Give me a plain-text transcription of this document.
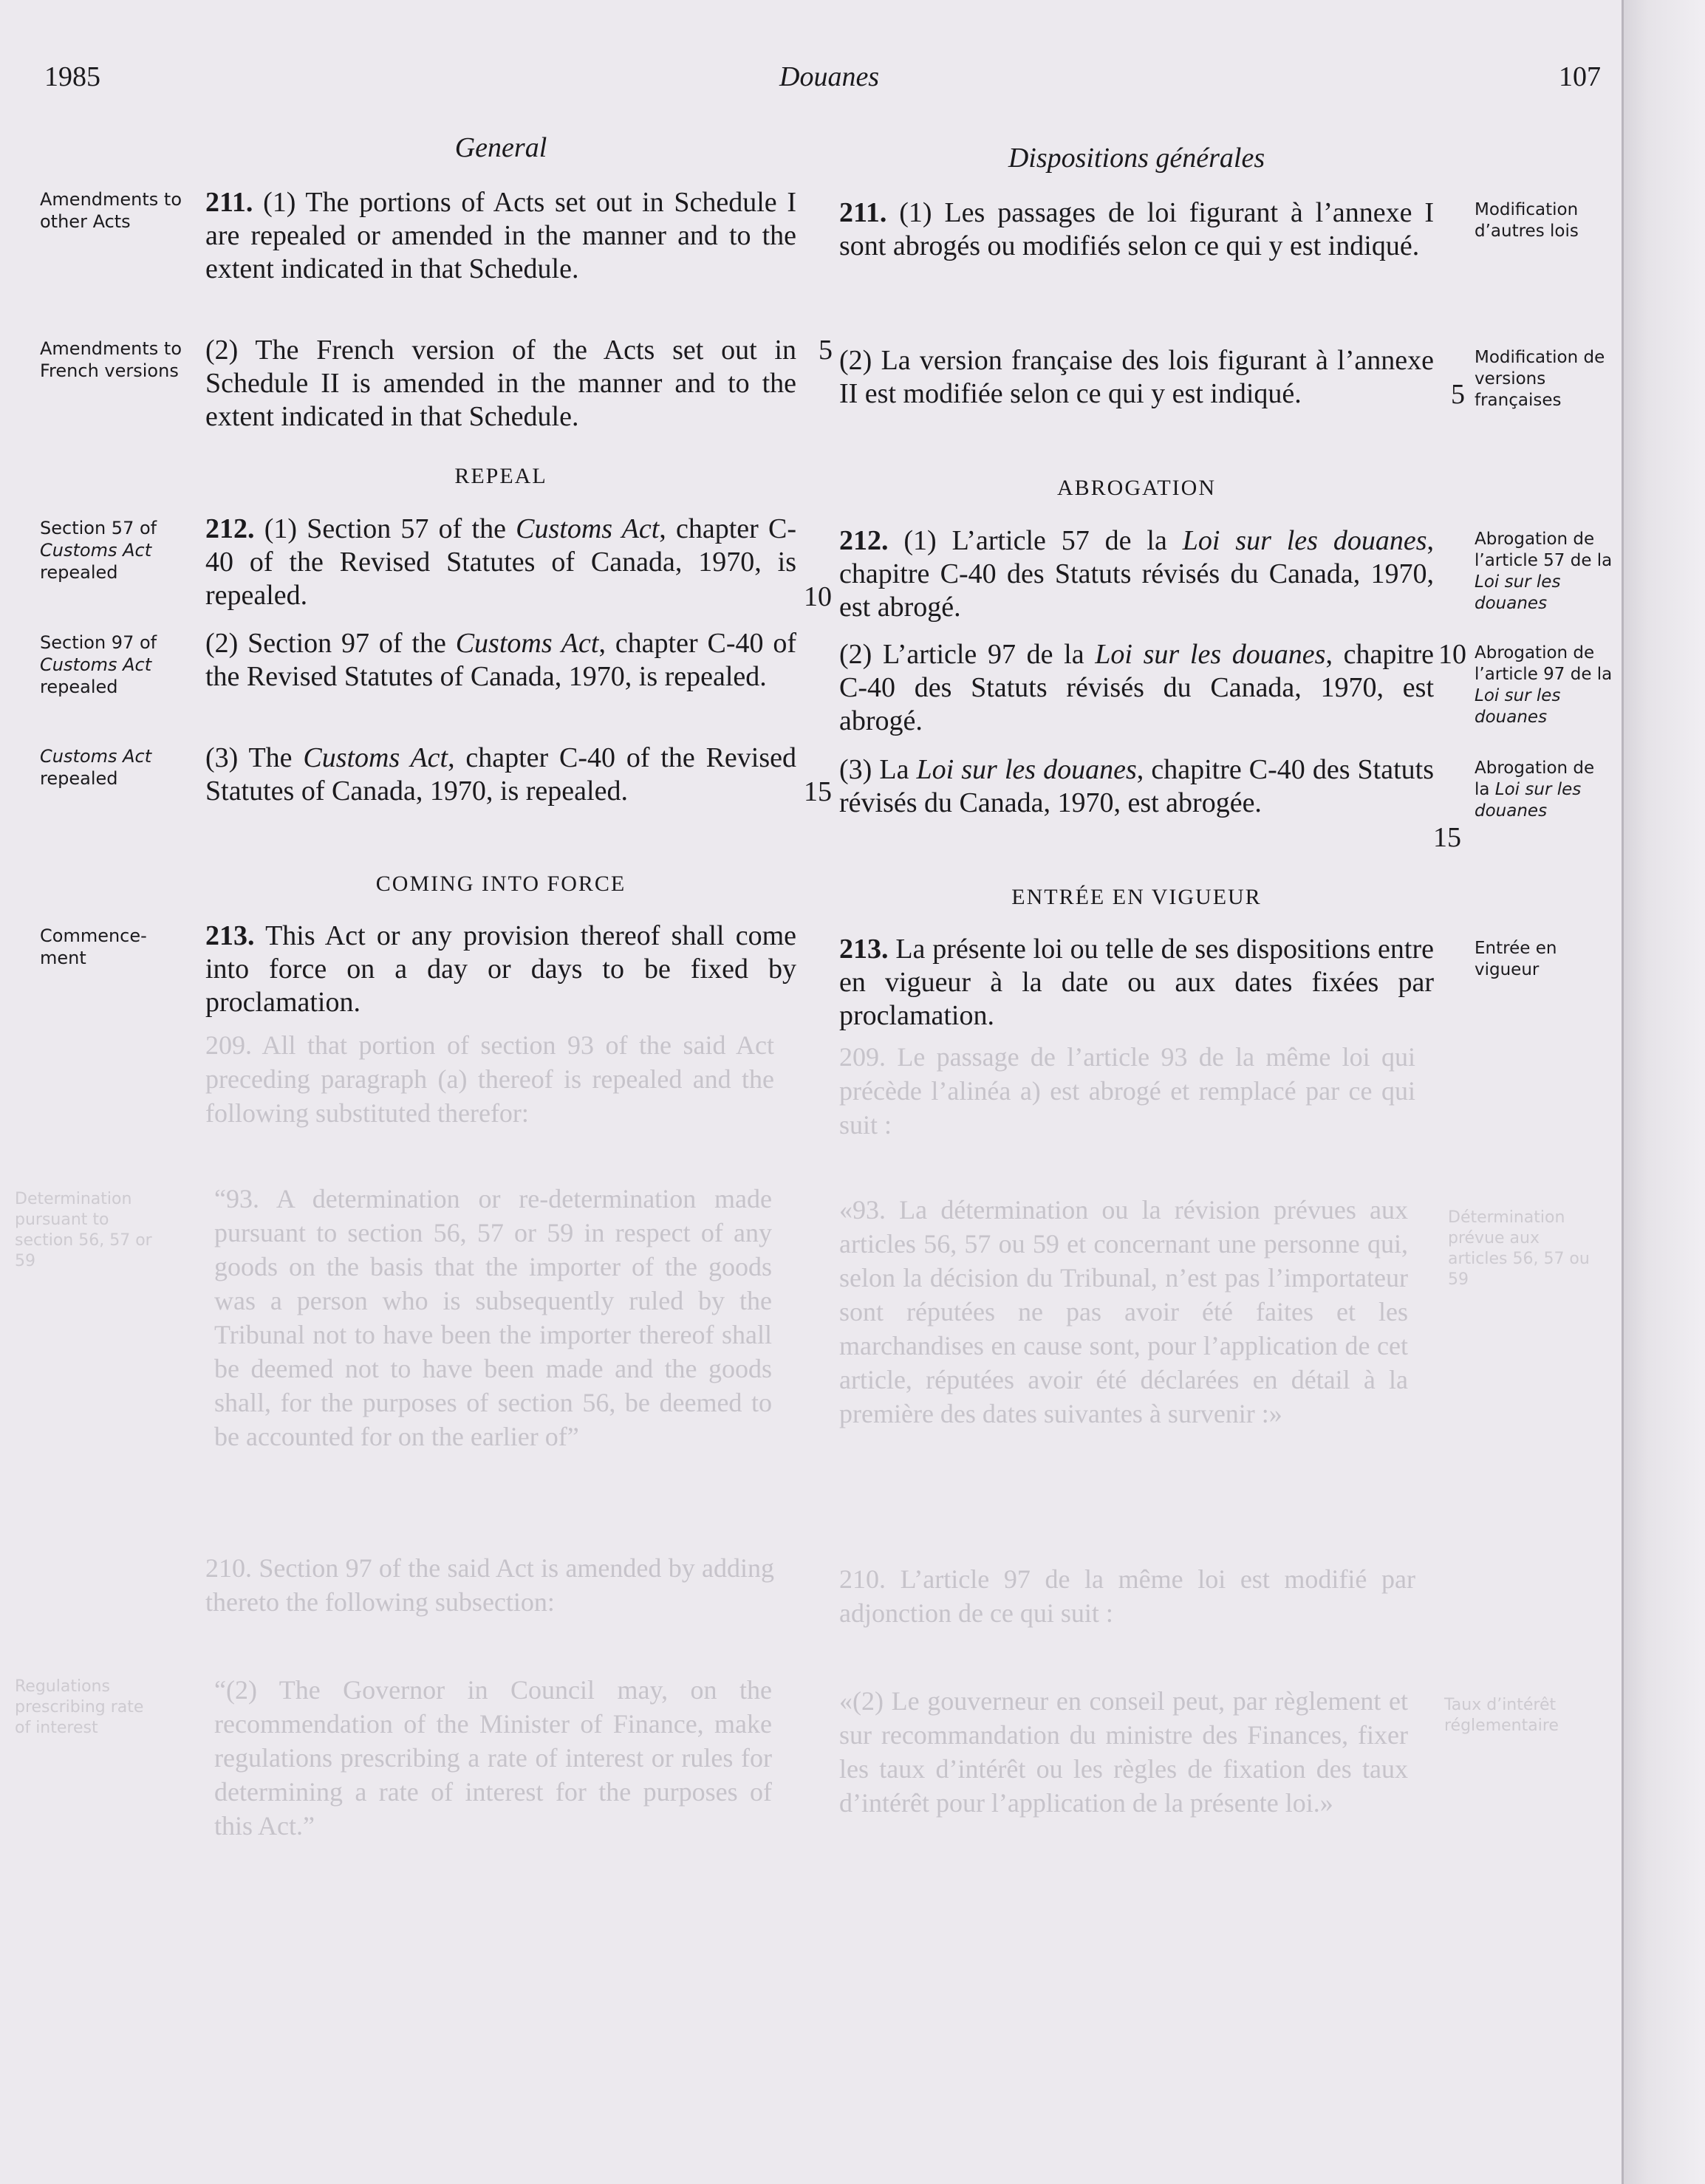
209. All that portion of section 93 of the said Act preceding paragraph (a) thereof is repealed and the following substituted therefor:
“93. A determination or re-determination made pursuant to section 56, 57 or 59 in respect of any goods on the basis that the importer of the goods was a person who is subsequently ruled by the Tribunal not to have been the importer thereof shall be deemed not to have been made and the goods shall, for the purposes of section 56, be deemed to be accounted for on the earlier of”
210. Section 97 of the said Act is amended by adding thereto the following subsection:
“(2) The Governor in Council may, on the recommendation of the Minister of Finance, make regulations prescribing a rate of interest or rules for determining a rate of interest for the purposes of this Act.”
209. Le passage de l’article 93 de la même loi qui précède l’alinéa a) est abrogé et remplacé par ce qui suit :
«93. La détermination ou la révision prévues aux articles 56, 57 ou 59 et concernant une personne qui, selon la décision du Tribunal, n’est pas l’importateur sont réputées ne pas avoir été faites et les marchandises en cause sont, pour l’application de cet article, réputées avoir été déclarées en détail à la première des dates suivantes à survenir :»
210. L’article 97 de la même loi est modifié par adjonction de ce qui suit :
«(2) Le gouverneur en conseil peut, par règlement et sur recommandation du ministre des Finances, fixer les taux d’intérêt ou les règles de fixation des taux d’intérêt pour l’application de la présente loi.»
Determination pursuant to section 56, 57 or 59
Regulations prescribing rate of interest
Détermination prévue aux articles 56, 57 ou 59
Taux d’intérêt réglementaire
1985	Douanes	107
General

211. (1) The portions of Acts set out in Schedule I are repealed or amended in the manner and to the extent indicated in that Schedule.

(2) The French version of the Acts set out in Schedule II is amended in the manner and to the extent indicated in that Schedule.

REPEAL

212. (1) Section 57 of the Customs Act, chapter C-40 of the Revised Statutes of Canada, 1970, is repealed.

(2) Section 97 of the Customs Act, chapter C-40 of the Revised Statutes of Canada, 1970, is repealed.

(3) The Customs Act, chapter C-40 of the Revised Statutes of Canada, 1970, is repealed.

COMING INTO FORCE

213. This Act or any provision thereof shall come into force on a day or days to be fixed by proclamation.

5
10
15
Amendments to other Acts
Amendments to French versions
Section 57 of
Customs Act
repealed
Section 97 of
Customs Act
repealed
Customs Act
repealed
Commence-ment
Dispositions générales

211. (1) Les passages de loi figurant à l’annexe I sont abrogés ou modifiés selon ce qui y est indiqué.

(2) La version française des lois figurant à l’annexe II est modifiée selon ce qui y est indiqué.

ABROGATION

212. (1) L’article 57 de la Loi sur les douanes, chapitre C-40 des Statuts révisés du Canada, 1970, est abrogé.

(2) L’article 97 de la Loi sur les douanes, chapitre C-40 des Statuts révisés du Canada, 1970, est abrogé.

(3) La Loi sur les douanes, chapitre C-40 des Statuts révisés du Canada, 1970, est abrogée.

ENTRÉE EN VIGUEUR

213. La présente loi ou telle de ses dispositions entre en vigueur à la date ou aux dates fixées par proclamation.

5
10
15
Modification d’autres lois
Modification de versions françaises
Abrogation de l’article 57 de la Loi sur les douanes
Abrogation de l’article 97 de la Loi sur les douanes
Abrogation de la Loi sur les douanes
Entrée en vigueur
